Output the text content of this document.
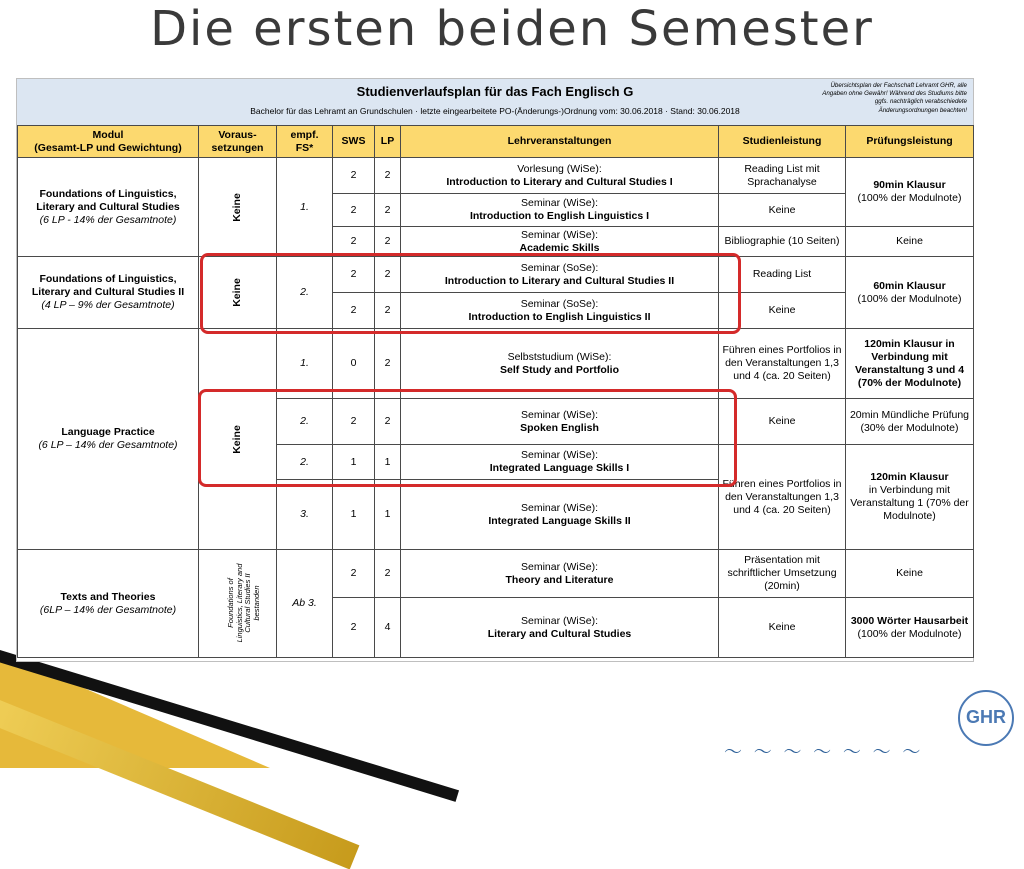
Die ersten beiden Semester
Studienverlaufsplan für das Fach Englisch G
Bachelor für das Lehramt an Grundschulen · letzte eingearbeitete PO-(Änderungs-)Ordnung vom: 30.06.2018 · Stand: 30.06.2018
Übersichtsplan der Fachschaft Lehramt GHR, alle Angaben ohne Gewähr! Während des Studiums bitte ggfs. nachträglich verabschiedete Änderungsordnungen beachten!
Modul
(Gesamt-LP und Gewichtung)	Voraus-
setzungen	empf.
FS*	SWS	LP	Lehrveranstaltungen	Studienleistung	Prüfungsleistung

Foundations of Linguistics, Literary and Cultural Studies
(6 LP - 14% der Gesamtnote)	Keine	1.	2	2	Vorlesung (WiSe):
Introduction to Literary and Cultural Studies I	Reading List mit Sprachanalyse	90min Klausur
(100% der Modulnote)
			2	2	Seminar (WiSe):
Introduction to English Linguistics I	Keine	
			2	2	Seminar (WiSe):
Academic Skills	Bibliographie (10 Seiten)	Keine

Foundations of Linguistics, Literary and Cultural Studies II
(4 LP – 9% der Gesamtnote)	Keine	2.	2	2	Seminar (SoSe):
Introduction to Literary and Cultural Studies II	Reading List	60min Klausur
(100% der Modulnote)
			2	2	Seminar (SoSe):
Introduction to English Linguistics II	Keine	

Language Practice
(6 LP – 14% der Gesamtnote)	Keine	1.	0	2	Selbststudium (WiSe):
Self Study and Portfolio	Führen eines Portfolios in den Veranstaltungen 1,3 und 4 (ca. 20 Seiten)	120min Klausur in Verbindung mit Veranstaltung 3 und 4 (70% der Modulnote)
		2.	2	2	Seminar (WiSe):
Spoken English	Keine	20min Mündliche Prüfung (30% der Modulnote)
		2.	1	1	Seminar (WiSe):
Integrated Language Skills I	Führen eines Portfolios in den Veranstaltungen 1,3 und 4 (ca. 20 Seiten)	120min Klausur
in Verbindung mit Veranstaltung 1 (70% der Modulnote)
		3.	1	1	Seminar (WiSe):
Integrated Language Skills II		

Texts and Theories
(6LP – 14% der Gesamtnote)	Foundations of Linguistics, Literary and Cultural Studies II bestanden	Ab 3.	2	2	Seminar (WiSe):
Theory and Literature	Präsentation mit schriftlicher Umsetzung (20min)	Keine
			2	4	Seminar (WiSe):
Literary and Cultural Studies	Keine	3000 Wörter Hausarbeit
(100% der Modulnote)
GHR
〜 〜 〜 〜 〜 〜 〜
